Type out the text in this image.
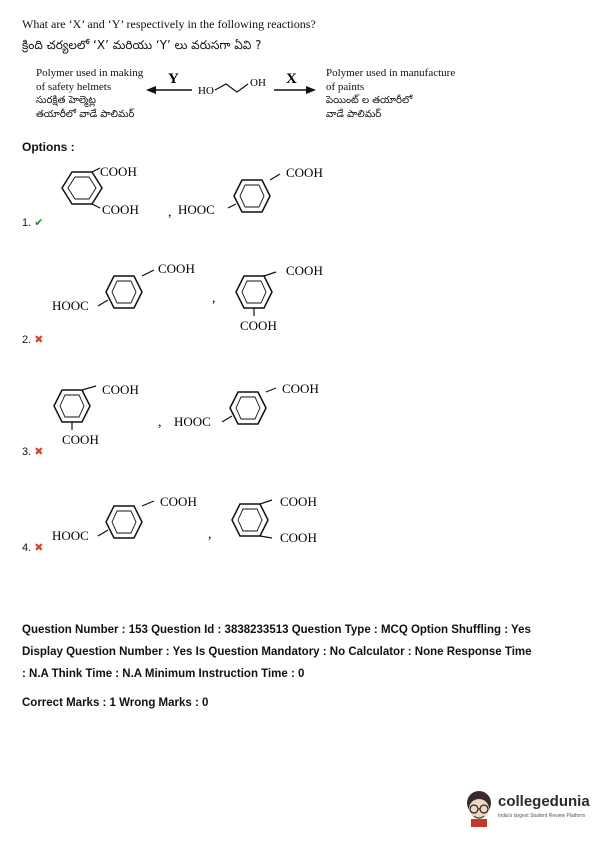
What are ‘X’ and ‘Y’ respectively in the following reactions?
క్రింది చర్యలలో ‘X’ మరియు ‘Y’ లు వరుసగా ఏవి ?
Polymer used in making
of safety helmets
సురక్షిత హెల్మెట్ల
తయారీలో వాడే పాలిమర్
Y
HO
OH X	Polymer used in manufacture
of paints
పెయింట్ ల తయారీలో
వాడే పాలిమర్
Options :
COOH
COOH , HOOC
COOH
1. ✔
HOOC
COOH
,
COOH
COOH
2. ✖
COOH
COOH
, HOOC
COOH
3. ✖
HOOC
COOH
,
COOH
COOH
4. ✖
Question Number : 153 Question Id : 3838233513 Question Type : MCQ Option Shuffling : Yes
Display Question Number : Yes Is Question Mandatory : No Calculator : None Response Time
: N.A Think Time : N.A Minimum Instruction Time : 0
Correct Marks : 1 Wrong Marks : 0
collegedunia
India's largest Student Review Platform
